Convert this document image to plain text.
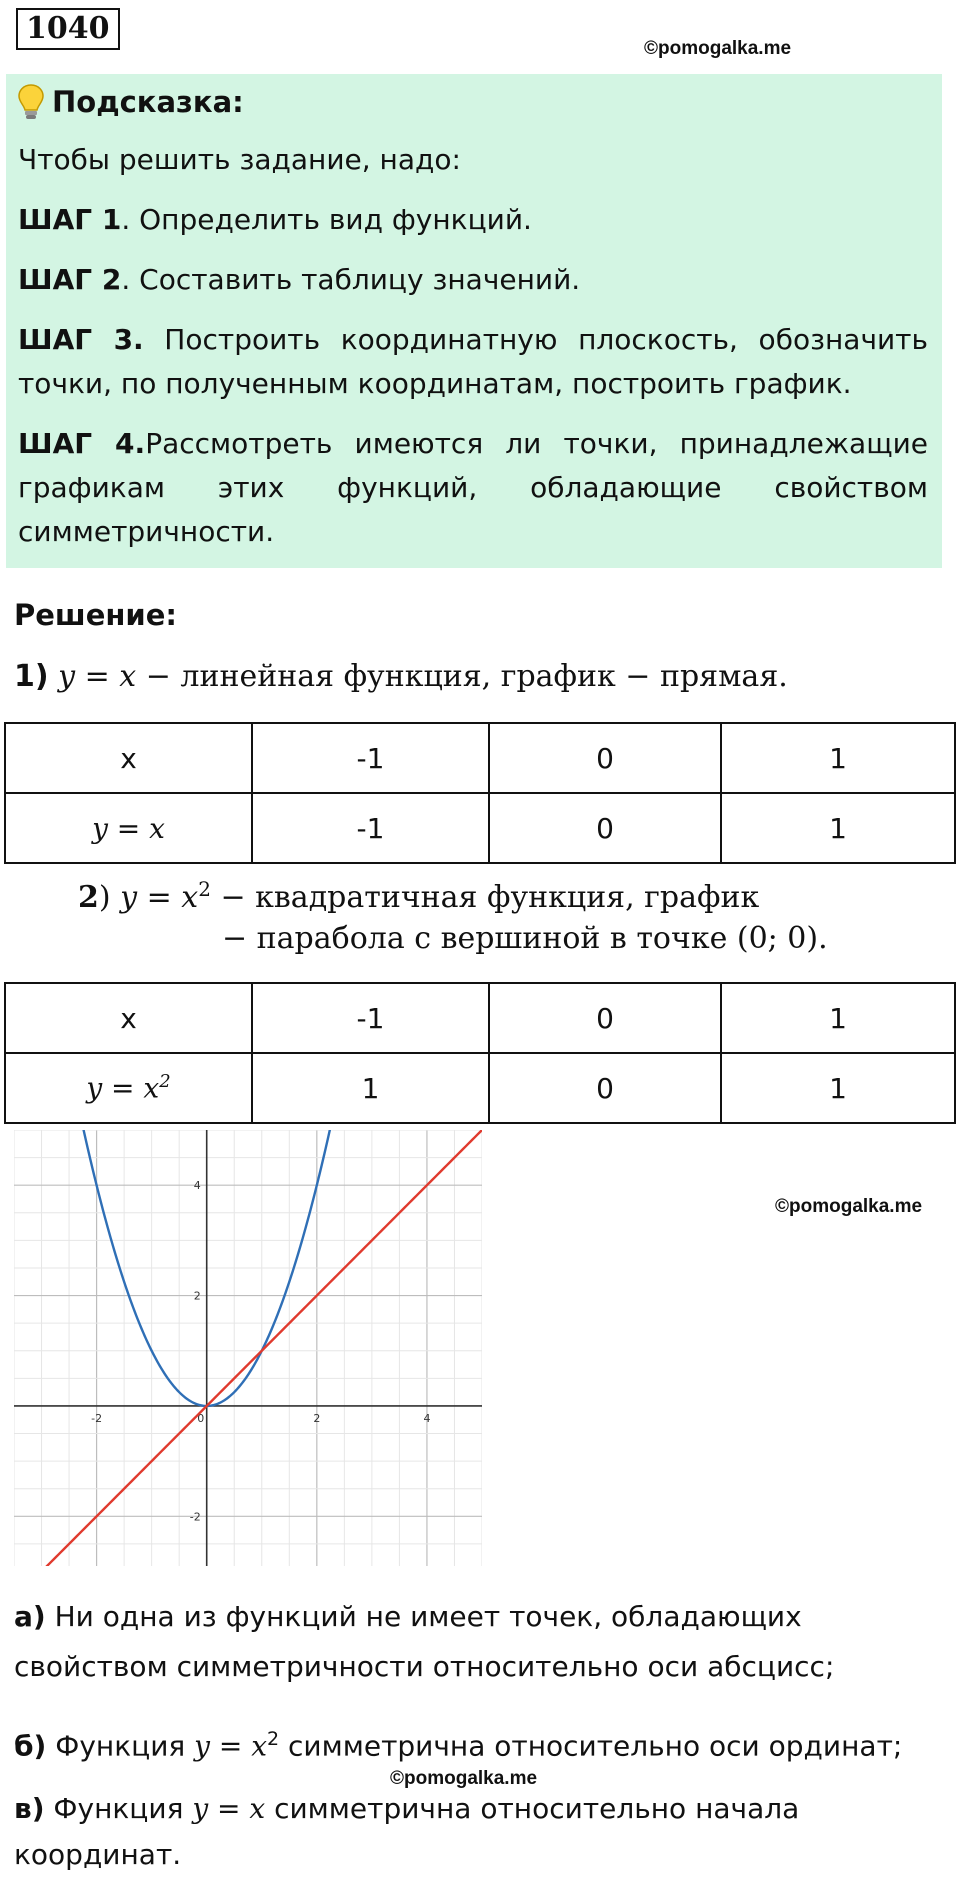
1040
©pomogalka.me
Подсказка:
Чтобы решить задание, надо:
ШАГ 1. Определить вид функций.
ШАГ 2. Составить таблицу значений.
ШАГ 3. Построить координатную плоскость, обозначить точки, по полученным координатам, построить график.
ШАГ 4.Рассмотреть имеются ли точки, принадлежащие графикам этих функций, обладающие свойством симметричности.
Решение:
1) y = x − линейная функция, график − прямая.
x	-1	0	1
y = x	-1	0	1
2) $y = x^2$ − квадратичная функция, график
− парабола с вершиной в точке (0; 0).
x	-1	0	1
$y = x^2$	1	0	1
-2	0	2	4
-2
2
4
©pomogalka.me
а) Ни одна из функций не имеет точек, обладающих
свойством симметричности относительно оси абсцисс;
б) Функция $y = x^2$ симметрична относительно оси ординат;
©pomogalka.me
в) Функция y = x симметрична относительно начала
координат.
